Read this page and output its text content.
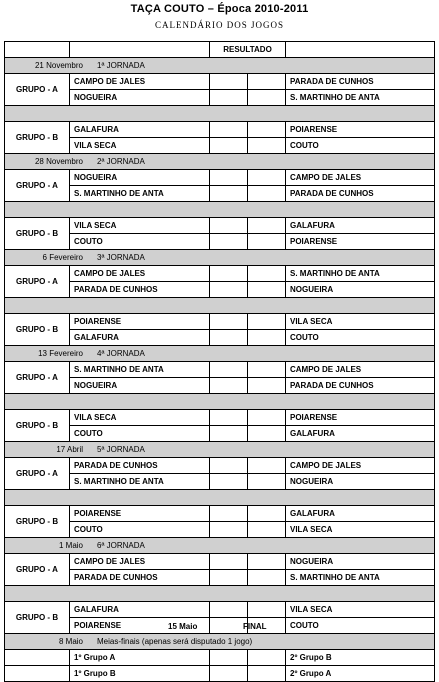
TAÇA COUTO – Época 2010-2011
CALENDÁRIO DOS JOGOS
		RESULTADO		
21 Novembro 1ª JORNADA				
GRUPO - A	CAMPO DE JALES			PARADA DE CUNHOS
	NOGUEIRA			S. MARTINHO DE ANTA

GRUPO - B	GALAFURA			POIARENSE
	VILA SECA			COUTO
28 Novembro 2ª JORNADA				
GRUPO - A	NOGUEIRA			CAMPO DE JALES
	S. MARTINHO DE ANTA			PARADA DE CUNHOS

GRUPO - B	VILA SECA			GALAFURA
	COUTO			POIARENSE
6 Fevereiro 3ª JORNADA				
GRUPO - A	CAMPO DE JALES			S. MARTINHO DE ANTA
	PARADA DE CUNHOS			NOGUEIRA

GRUPO - B	POIARENSE			VILA SECA
	GALAFURA			COUTO
13 Fevereiro 4ª JORNADA				
GRUPO - A	S. MARTINHO DE ANTA			CAMPO DE JALES
	NOGUEIRA			PARADA DE CUNHOS

GRUPO - B	VILA SECA			POIARENSE
	COUTO			GALAFURA
17 Abril 5ª JORNADA				
GRUPO - A	PARADA DE CUNHOS			CAMPO DE JALES
	S. MARTINHO DE ANTA			NOGUEIRA

GRUPO - B	POIARENSE			GALAFURA
	COUTO			VILA SECA
1 Maio 6ª JORNADA				
GRUPO - A	CAMPO DE JALES			NOGUEIRA
	PARADA DE CUNHOS			S. MARTINHO DE ANTA

GRUPO - B	GALAFURA			VILA SECA
	POIARENSE			COUTO
8 Maio Meias-finais (apenas será disputado 1 jogo)				
	1º Grupo A			2º Grupo B
	1º Grupo B			2º Grupo A
15 Maio	FINAL
